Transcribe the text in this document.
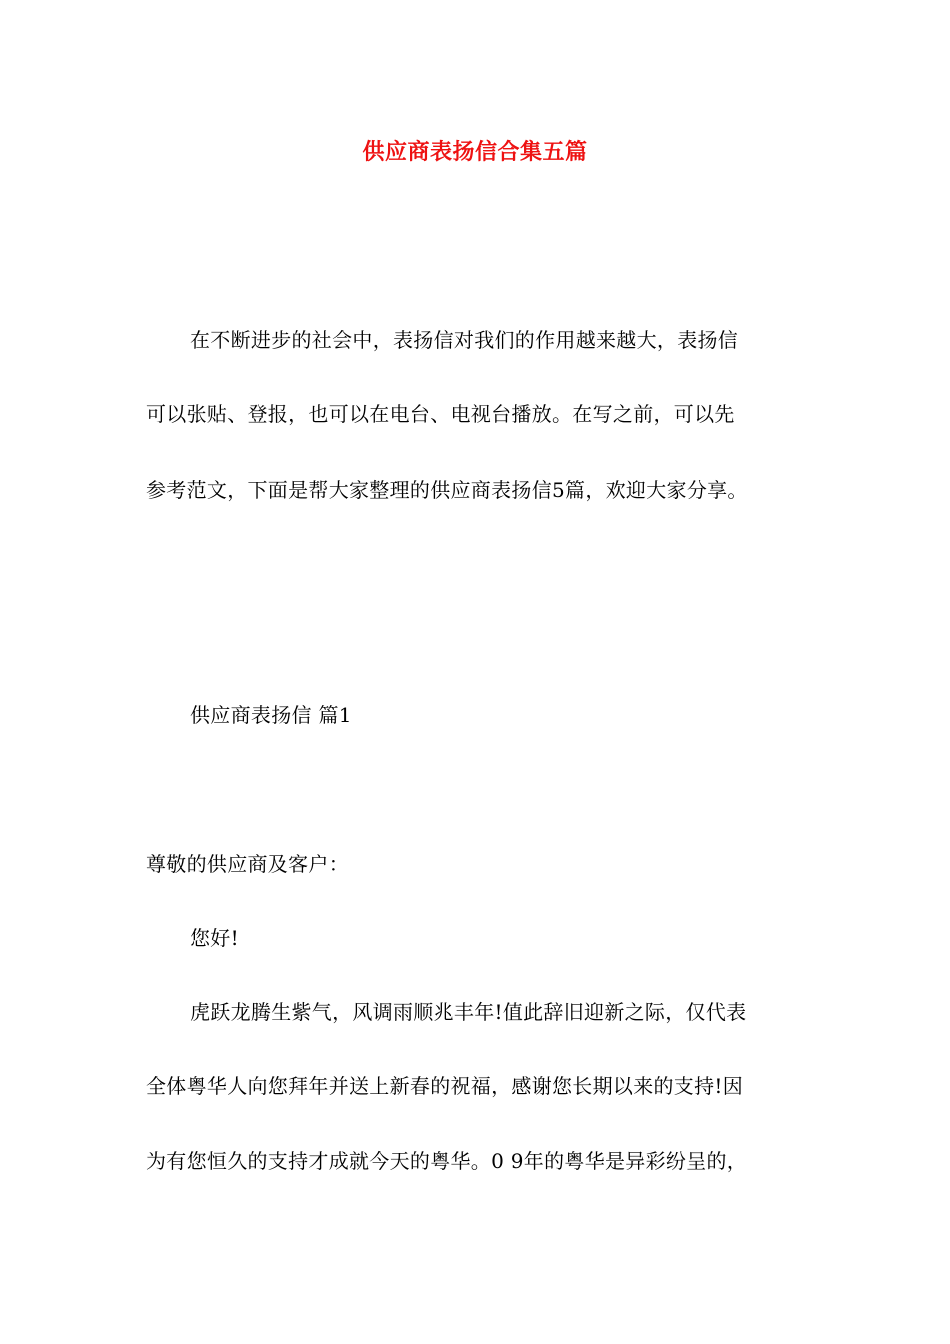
供应商表扬信合集五篇
在不断进步的社会中，表扬信对我们的作用越来越大，表扬信
可以张贴、登报，也可以在电台、电视台播放。在写之前，可以先
参考范文，下面是帮大家整理的供应商表扬信5篇，欢迎大家分享。
供应商表扬信 篇1
尊敬的供应商及客户：
您好!
虎跃龙腾生紫气，风调雨顺兆丰年!值此辞旧迎新之际，仅代表
全体粤华人向您拜年并送上新春的祝福，感谢您长期以来的支持!因
为有您恒久的支持才成就今天的粤华。0 9年的粤华是异彩纷呈的，
